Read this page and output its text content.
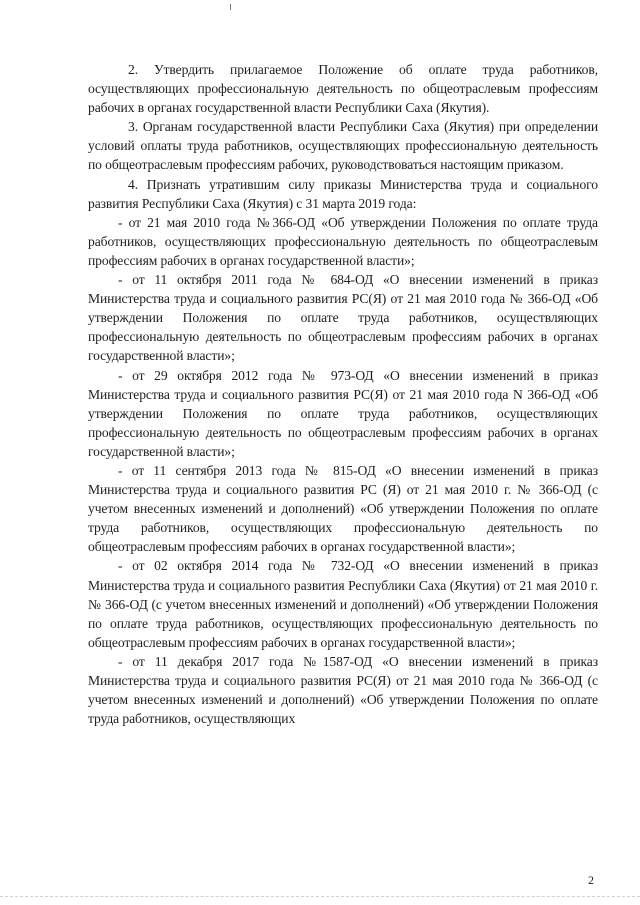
2. Утвердить прилагаемое Положение об оплате труда работников, осуществляющих профессиональную деятельность по общеотраслевым профессиям рабочих в органах государственной власти Республики Саха (Якутия).

3. Органам государственной власти Республики Саха (Якутия) при определении условий оплаты труда работников, осуществляющих профессиональную деятельность по общеотраслевым профессиям рабочих, руководствоваться настоящим приказом.

4. Признать утратившим силу приказы Министерства труда и социального развития Республики Саха (Якутия) с 31 марта 2019 года:

- от 21 мая 2010 года №366-ОД «Об утверждении Положения по оплате труда работников, осуществляющих профессиональную деятельность по общеотраслевым профессиям рабочих в органах государственной власти»;

- от 11 октября 2011 года № 684-ОД «О внесении изменений в приказ Министерства труда и социального развития РС(Я) от 21 мая 2010 года № 366-ОД «Об утверждении Положения по оплате труда работников, осуществляющих профессиональную деятельность по общеотраслевым профессиям рабочих в органах государственной власти»;

- от 29 октября 2012 года № 973-ОД «О внесении изменений в приказ Министерства труда и социального развития РС(Я) от 21 мая 2010 года N 366-ОД «Об утверждении Положения по оплате труда работников, осуществляющих профессиональную деятельность по общеотраслевым профессиям рабочих в органах государственной власти»;

- от 11 сентября 2013 года № 815-ОД «О внесении изменений в приказ Министерства труда и социального развития РС (Я) от 21 мая 2010 г. № 366-ОД (с учетом внесенных изменений и дополнений) «Об утверждении Положения по оплате труда работников, осуществляющих профессиональную деятельность по общеотраслевым профессиям рабочих в органах государственной власти»;

- от 02 октября 2014 года № 732-ОД «О внесении изменений в приказ Министерства труда и социального развития Республики Саха (Якутия) от 21 мая 2010 г. № 366-ОД (с учетом внесенных изменений и дополнений) «Об утверждении Положения по оплате труда работников, осуществляющих профессиональную деятельность по общеотраслевым профессиям рабочих в органах государственной власти»;

- от 11 декабря 2017 года №1587-ОД «О внесении изменений в приказ Министерства труда и социального развития РС(Я) от 21 мая 2010 года № 366-ОД (с учетом внесенных изменений и дополнений) «Об утверждении Положения по оплате труда работников, осуществляющих

2
